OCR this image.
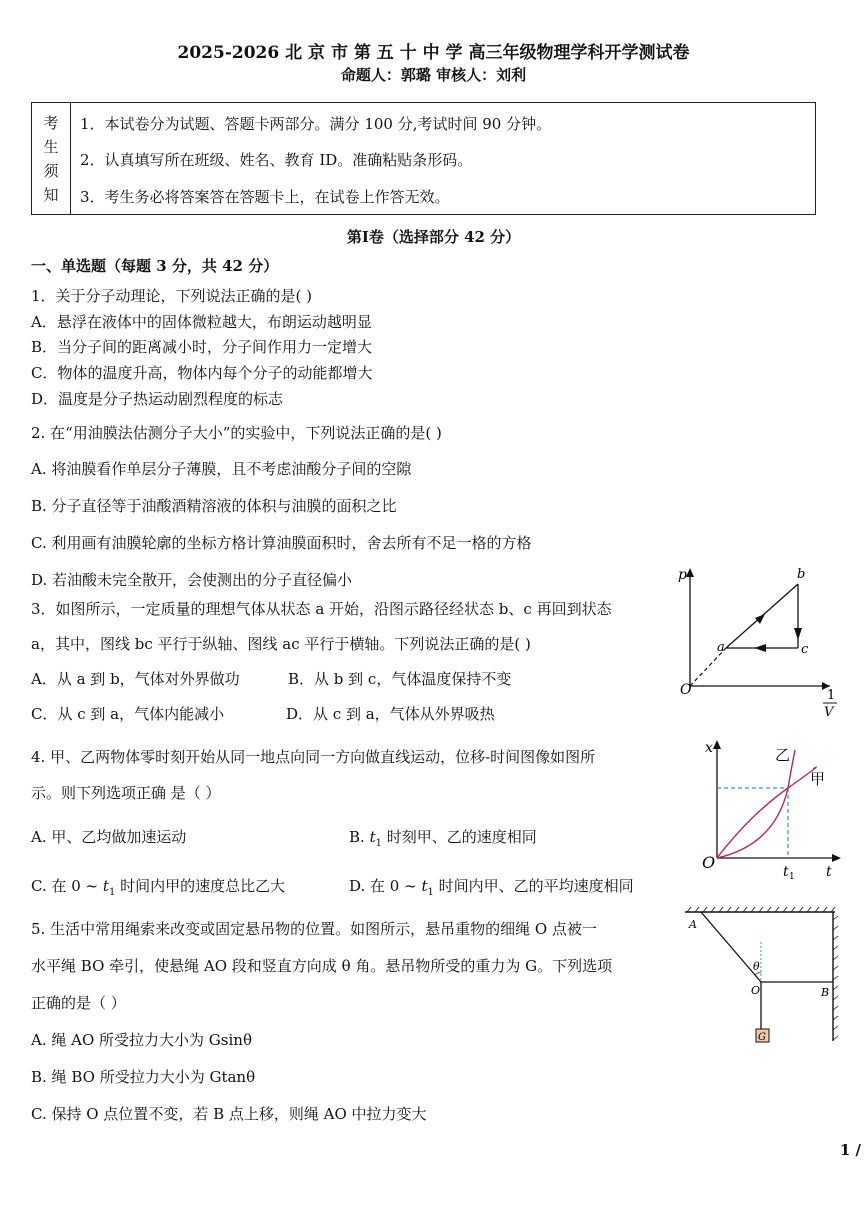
2025-2026 北 京 市 第 五 十 中 学 高三年级物理学科开学测试卷
命题人：郭璐 审核人：刘利
考
生
须
知
1．本试卷分为试题、答题卡两部分。满分 100 分,考试时间 90 分钟。
2．认真填写所在班级、姓名、教育 ID。准确粘贴条形码。
3．考生务必将答案答在答题卡上，在试卷上作答无效。
第Ⅰ卷（选择部分 42 分）
一、单选题（每题 3 分，共 42 分）
1．关于分子动理论，下列说法正确的是( )
A．悬浮在液体中的固体微粒越大，布朗运动越明显
B．当分子间的距离减小时，分子间作用力一定增大
C．物体的温度升高，物体内每个分子的动能都增大
D．温度是分子热运动剧烈程度的标志
2. 在“用油膜法估测分子大小”的实验中，下列说法正确的是( )
A. 将油膜看作单层分子薄膜，且不考虑油酸分子间的空隙
B. 分子直径等于油酸酒精溶液的体积与油膜的面积之比
C. 利用画有油膜轮廓的坐标方格计算油膜面积时，舍去所有不足一格的方格
D. 若油酸未完全散开，会使测出的分子直径偏小
3．如图所示，一定质量的理想气体从状态 a 开始，沿图示路径经状态 b、c 再回到状态
a，其中，图线 bc 平行于纵轴、图线 ac 平行于横轴。下列说法正确的是( )
A．从 a 到 b，气体对外界做功	B．从 b 到 c，气体温度保持不变
C．从 c 到 a，气体内能减小	D．从 c 到 a，气体从外界吸热
p	b
a	c
O	1
V
4. 甲、乙两物体零时刻开始从同一地点向同一方向做直线运动，位移-时间图像如图所
示。则下列选项正确 是（ ）
A. 甲、乙均做加速运动	B. $t_1$ 时刻甲、乙的速度相同
C. 在 0 ~ $t_1$ 时间内甲的速度总比乙大	D. 在 0 ~ $t_1$ 时间内甲、乙的平均速度相同
x	乙
甲
O	t 1 t
5. 生活中常用绳索来改变或固定悬吊物的位置。如图所示，悬吊重物的细绳 O 点被一
水平绳 BO 牵引，使悬绳 AO 段和竖直方向成 θ 角。悬吊物所受的重力为 G。下列选项
正确的是（ ）
A. 绳 AO 所受拉力大小为 Gsinθ
B. 绳 BO 所受拉力大小为 Gtanθ
C. 保持 O 点位置不变，若 B 点上移，则绳 AO 中拉力变大
A
θ
O	B
G
1 /
